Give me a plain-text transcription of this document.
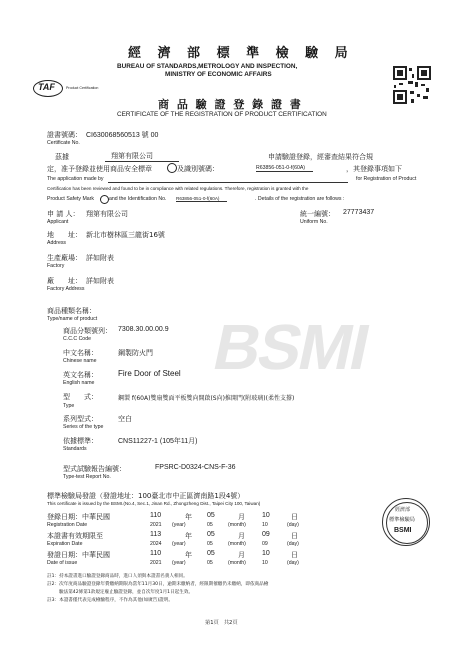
BSMI
經 濟 部 標 準 檢 驗 局
BUREAU OF STANDARDS,METROLOGY AND INSPECTION,
MINISTRY OF ECONOMIC AFFAIRS
TAF	Product Certification
商 品 驗 證 登 錄 證 書
CERTIFICATE OF THE REGISTRATION OF PRODUCT CERTIFICATION
證書號碼： CI630068560513 號 00
Certificate No.
茲據	翔第有限公司	申請驗證登錄，經審查結果符合規
定，准予登錄並使用商品安全標章	及識別號碼：	R63856-051-0-f(60A)	，其登錄事項如下
The application made by	for Registration of Product
Certification has been reviewed and found to be in compliance with related regulations. Therefore, registration is granted with the
Product Safety Mark	and the Identification No. R63856-051-0-f(60A)	. Details of the registration are follows :
申 請 人： 翔第有限公司
Applicant
統一編號： 27773437
Uniform No.
地　　址： 新北市樹林區三龍街16號
Address
生產廠場： 詳如附表
Factory
廠　　址： 詳如附表
Factory Address
商品種類名稱：
Type/name of product
商品分類號列： 7308.30.00.00.9
C.C.C Code
中文名稱：	鋼製防火門
Chinese name
英文名稱：	Fire Door of Steel
English name
型　　式：	鋼製 f(60A)雙扇雙面平板雙向開啟(S向)推開門(附玻璃)(柔性支撐)
Type
系列型式：	空白
Series of the type
依據標準：	CNS11227-1 (105年11月)
Standards
型式試驗報告編號：	FPSRC-D0324-CNS-F-36
Type-test Report No.
標準檢驗局發證（發證地址：100臺北市中正區濟南路1段4號）
This certificate is issued by the BSMI.(No.4, Sec.1, Jinan Rd., Zhongzheng Dist., Taipei City 100, Taiwan)
登錄日期：中華民國	110	年 05	月 10	日
Registration Date	2021 (year)	05	(month)	10	(day)
本證書有效期限至	113	年 05	月 09	日
Expiration Date	2024 (year)	05	(month)	09	(day)
發證日期：中華民國	110	年 05	月 10	日
Date of issue	2021 (year)	05	(month)	10	(day)
經濟部
標準檢驗局
BSMI
註1：持本證書進口驗證登錄商品時，進口人須與本證書名義人相同。
註2：次年度商品驗證登錄年費繳納期限為當年11月30日，逾期未繳納者，經限期催繳仍未繳納，即依商品檢
驗法第42條第1款規定廢止驗證登錄，並自次年度1月1日起生效。
註3：本證書僅代表完成檢驗程序，不作為其他(如廣告)證明。
第1頁　共2頁
